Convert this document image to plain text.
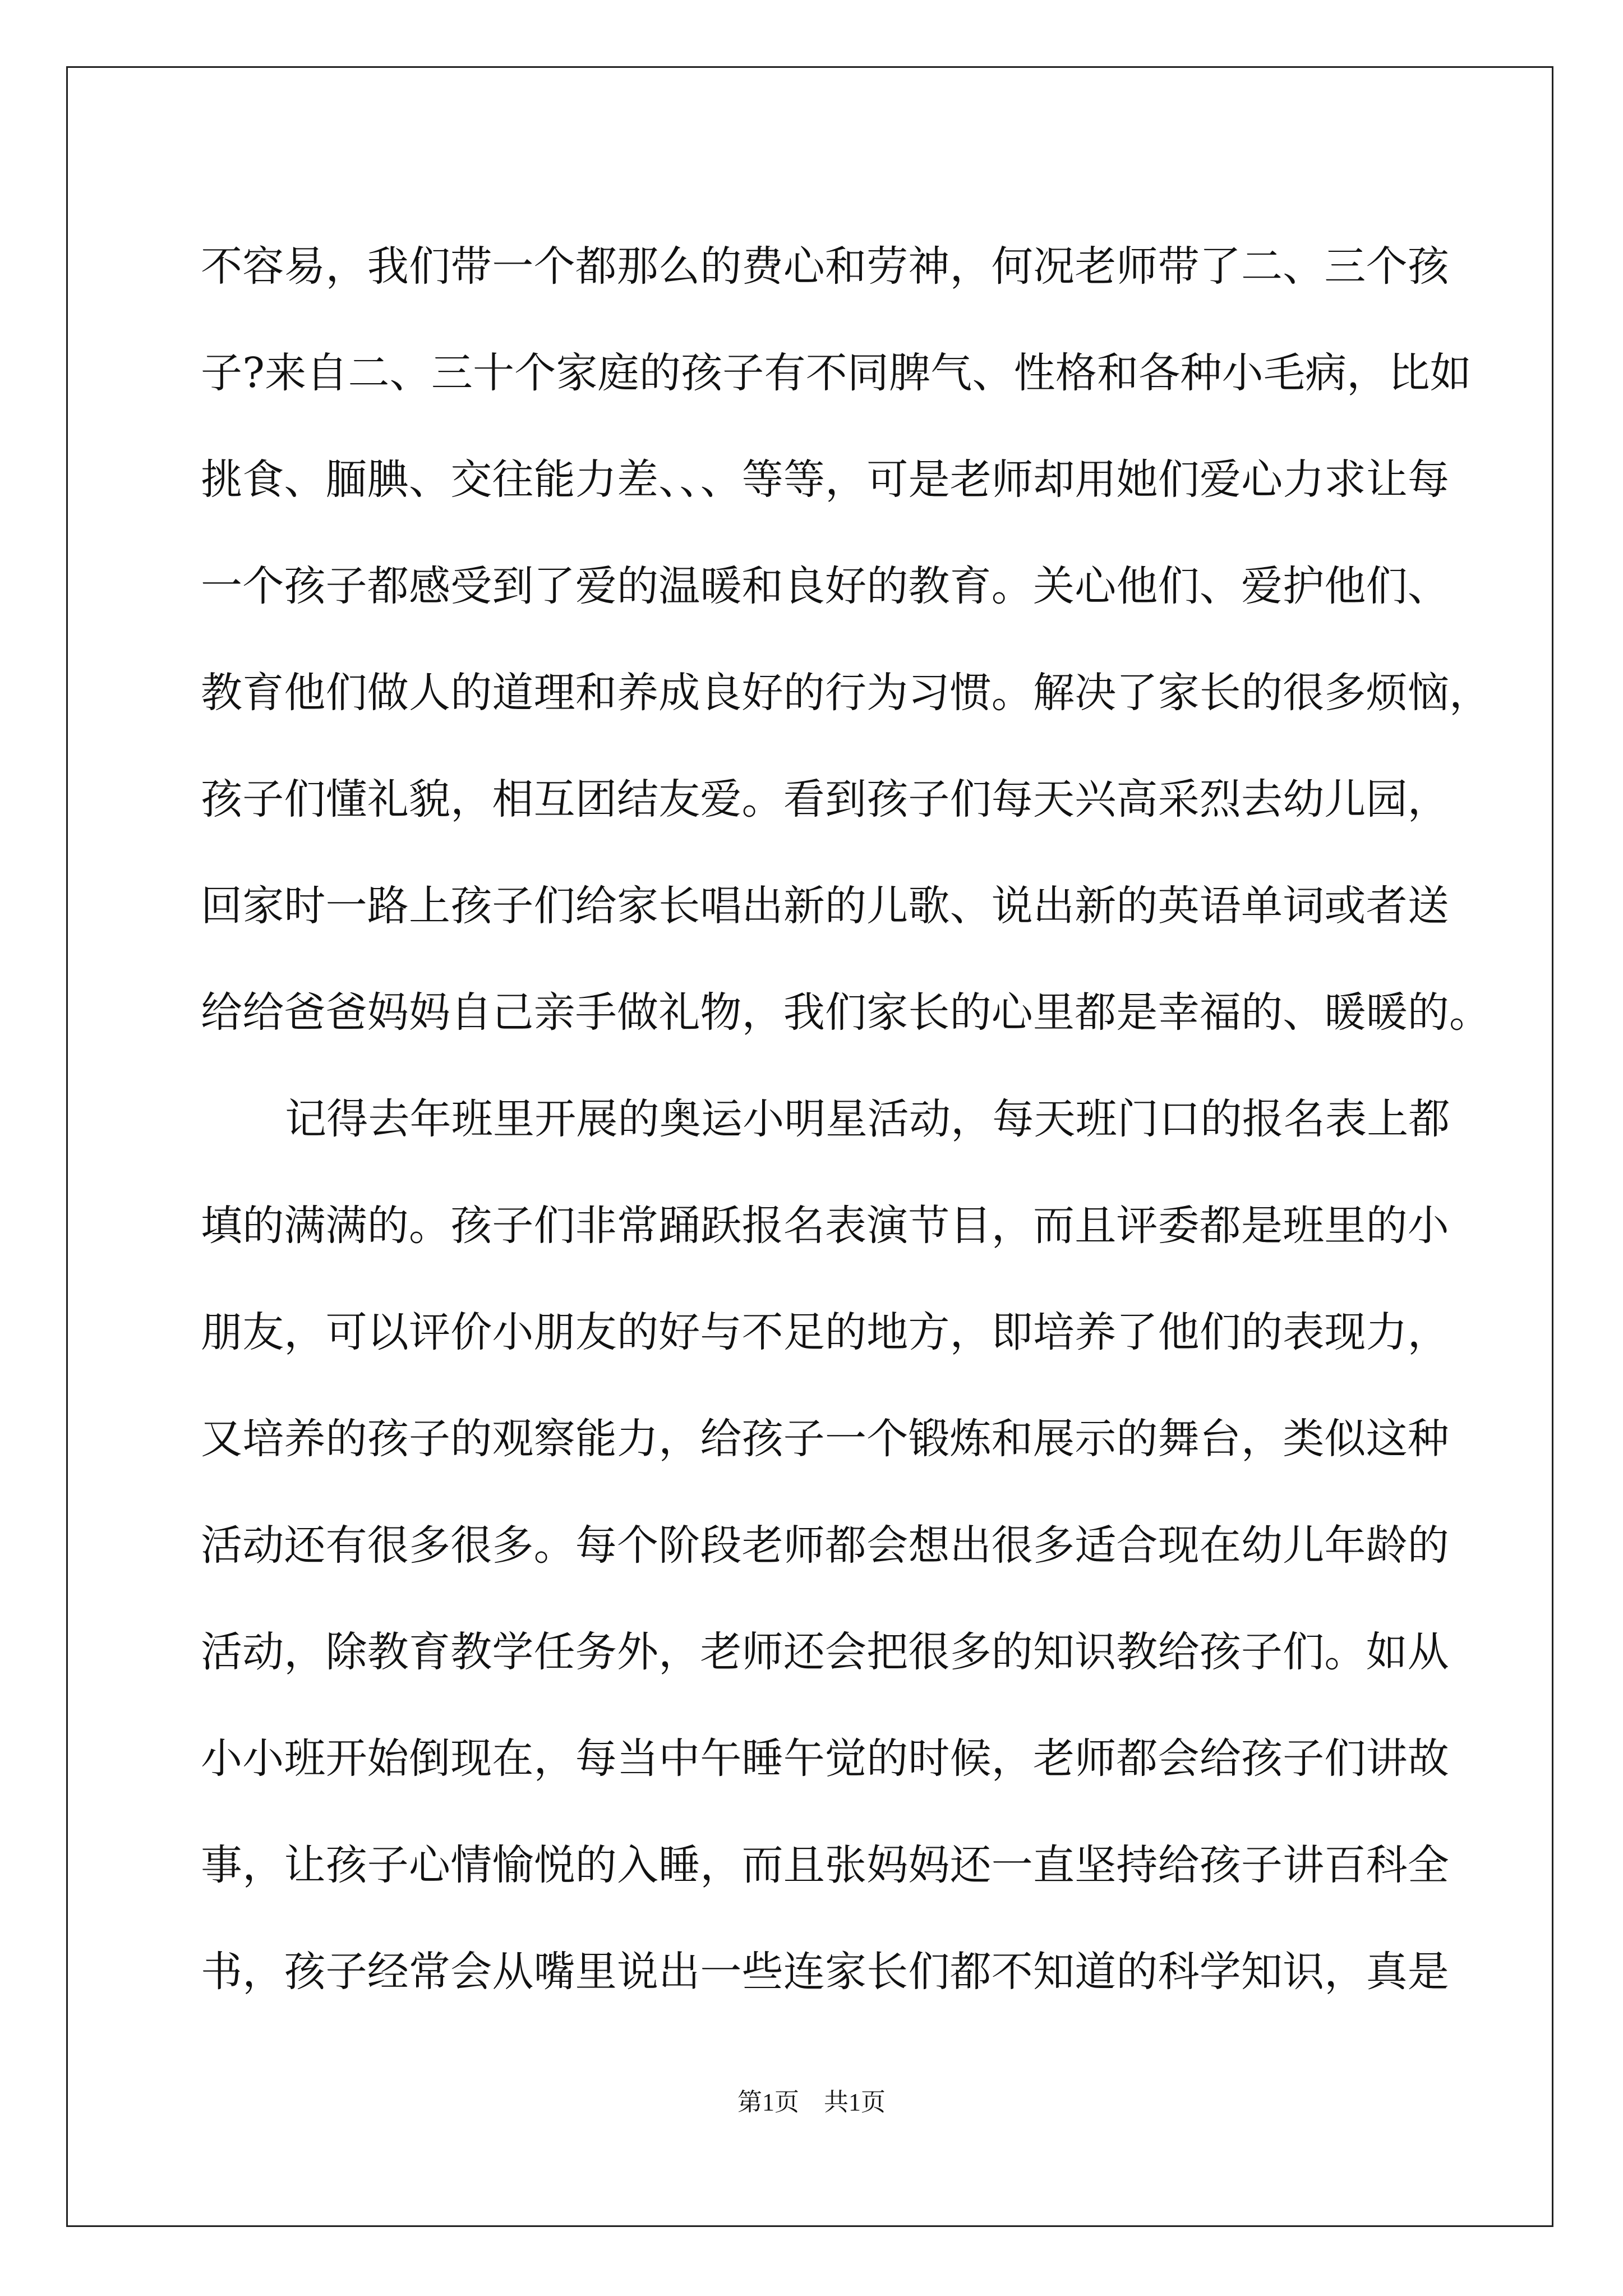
不容易，我们带一个都那么的费心和劳神，何况老师带了二、三个孩
子?来自二、三十个家庭的孩子有不同脾气、性格和各种小毛病，比如
挑食、腼腆、交往能力差、、、等等，可是老师却用她们爱心力求让每
一个孩子都感受到了爱的温暖和良好的教育。关心他们、爱护他们、
教育他们做人的道理和养成良好的行为习惯。解决了家长的很多烦恼，
孩子们懂礼貌，相互团结友爱。看到孩子们每天兴高采烈去幼儿园，
回家时一路上孩子们给家长唱出新的儿歌、说出新的英语单词或者送
给给爸爸妈妈自己亲手做礼物，我们家长的心里都是幸福的、暖暖的。
记得去年班里开展的奥运小明星活动，每天班门口的报名表上都
填的满满的。孩子们非常踊跃报名表演节目，而且评委都是班里的小
朋友，可以评价小朋友的好与不足的地方，即培养了他们的表现力，
又培养的孩子的观察能力，给孩子一个锻炼和展示的舞台，类似这种
活动还有很多很多。每个阶段老师都会想出很多适合现在幼儿年龄的
活动，除教育教学任务外，老师还会把很多的知识教给孩子们。如从
小小班开始倒现在，每当中午睡午觉的时候，老师都会给孩子们讲故
事，让孩子心情愉悦的入睡，而且张妈妈还一直坚持给孩子讲百科全
书，孩子经常会从嘴里说出一些连家长们都不知道的科学知识，真是
第1页　共1页
